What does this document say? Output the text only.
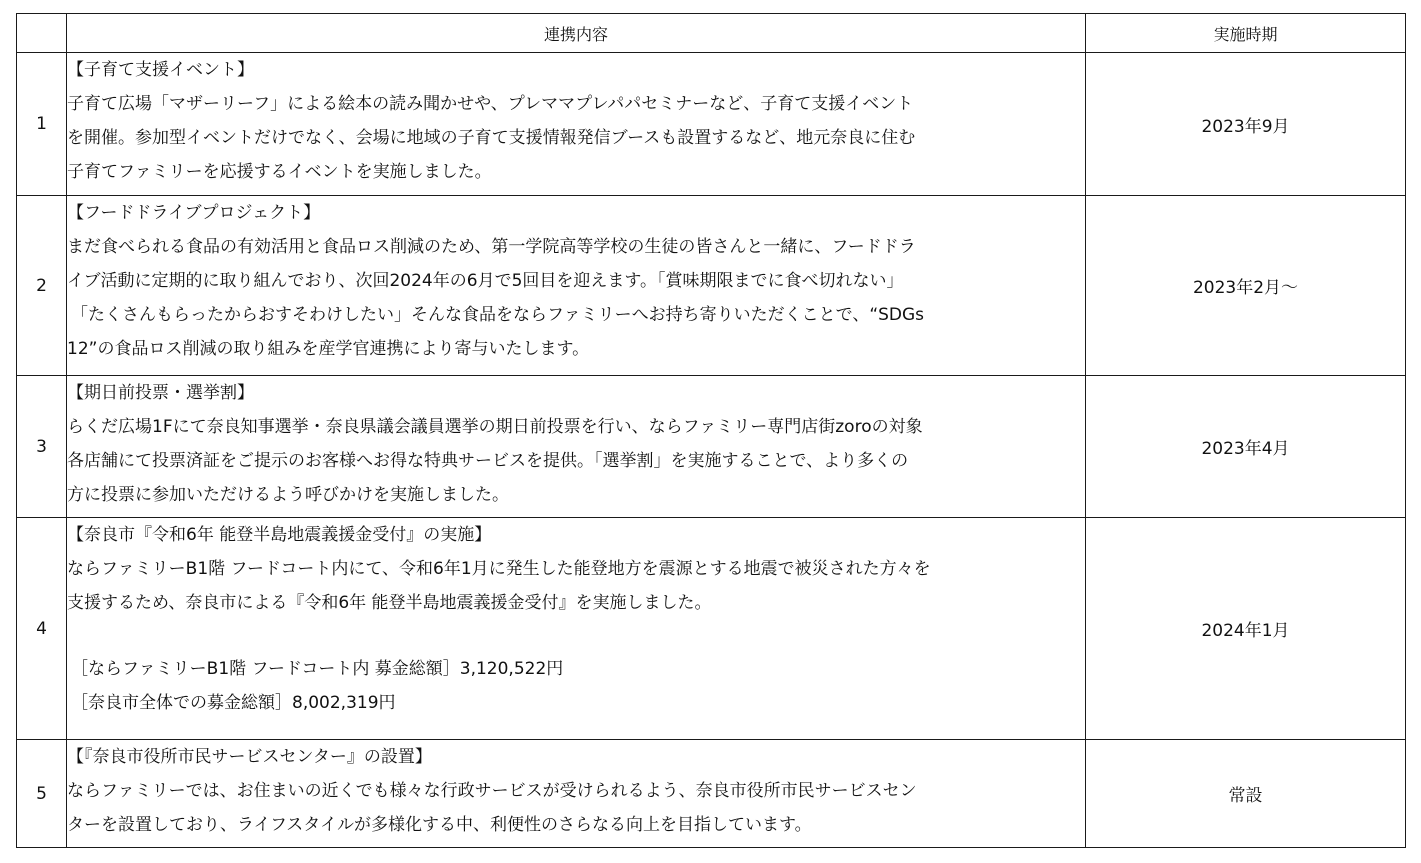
	連携内容	実施時期
1	【子育て支援イベント】
子育て広場「マザーリーフ」による絵本の読み聞かせや、プレママプレパパセミナーなど、子育て支援イベント
を開催。参加型イベントだけでなく、会場に地域の子育て支援情報発信ブースも設置するなど、地元奈良に住む
子育てファミリーを応援するイベントを実施しました。	2023年9月
2	【フードドライブプロジェクト】
まだ食べられる食品の有効活用と食品ロス削減のため、第一学院高等学校の生徒の皆さんと一緒に、フードドラ
イブ活動に定期的に取り組んでおり、次回2024年の6月で5回目を迎えます。「賞味期限までに食べ切れない」
「たくさんもらったからおすそわけしたい」そんな食品をならファミリーへお持ち寄りいただくことで、“SDGs
12”の食品ロス削減の取り組みを産学官連携により寄与いたします。	2023年2月～
3	【期日前投票・選挙割】
らくだ広場1Fにて奈良知事選挙・奈良県議会議員選挙の期日前投票を行い、ならファミリー専門店街zoroの対象
各店舗にて投票済証をご提示のお客様へお得な特典サービスを提供。「選挙割」を実施することで、より多くの
方に投票に参加いただけるよう呼びかけを実施しました。	2023年4月
4	【奈良市『令和6年 能登半島地震義援金受付』の実施】
ならファミリーB1階 フードコート内にて、令和6年1月に発生した能登地方を震源とする地震で被災された方々を
支援するため、奈良市による『令和6年 能登半島地震義援金受付』を実施しました。
［ならファミリーB1階 フードコート内 募金総額］3,120,522円
［奈良市全体での募金総額］8,002,319円	2024年1月
5	【『奈良市役所市民サービスセンター』の設置】
ならファミリーでは、お住まいの近くでも様々な行政サービスが受けられるよう、奈良市役所市民サービスセン
ターを設置しており、ライフスタイルが多様化する中、利便性のさらなる向上を目指しています。	常設
